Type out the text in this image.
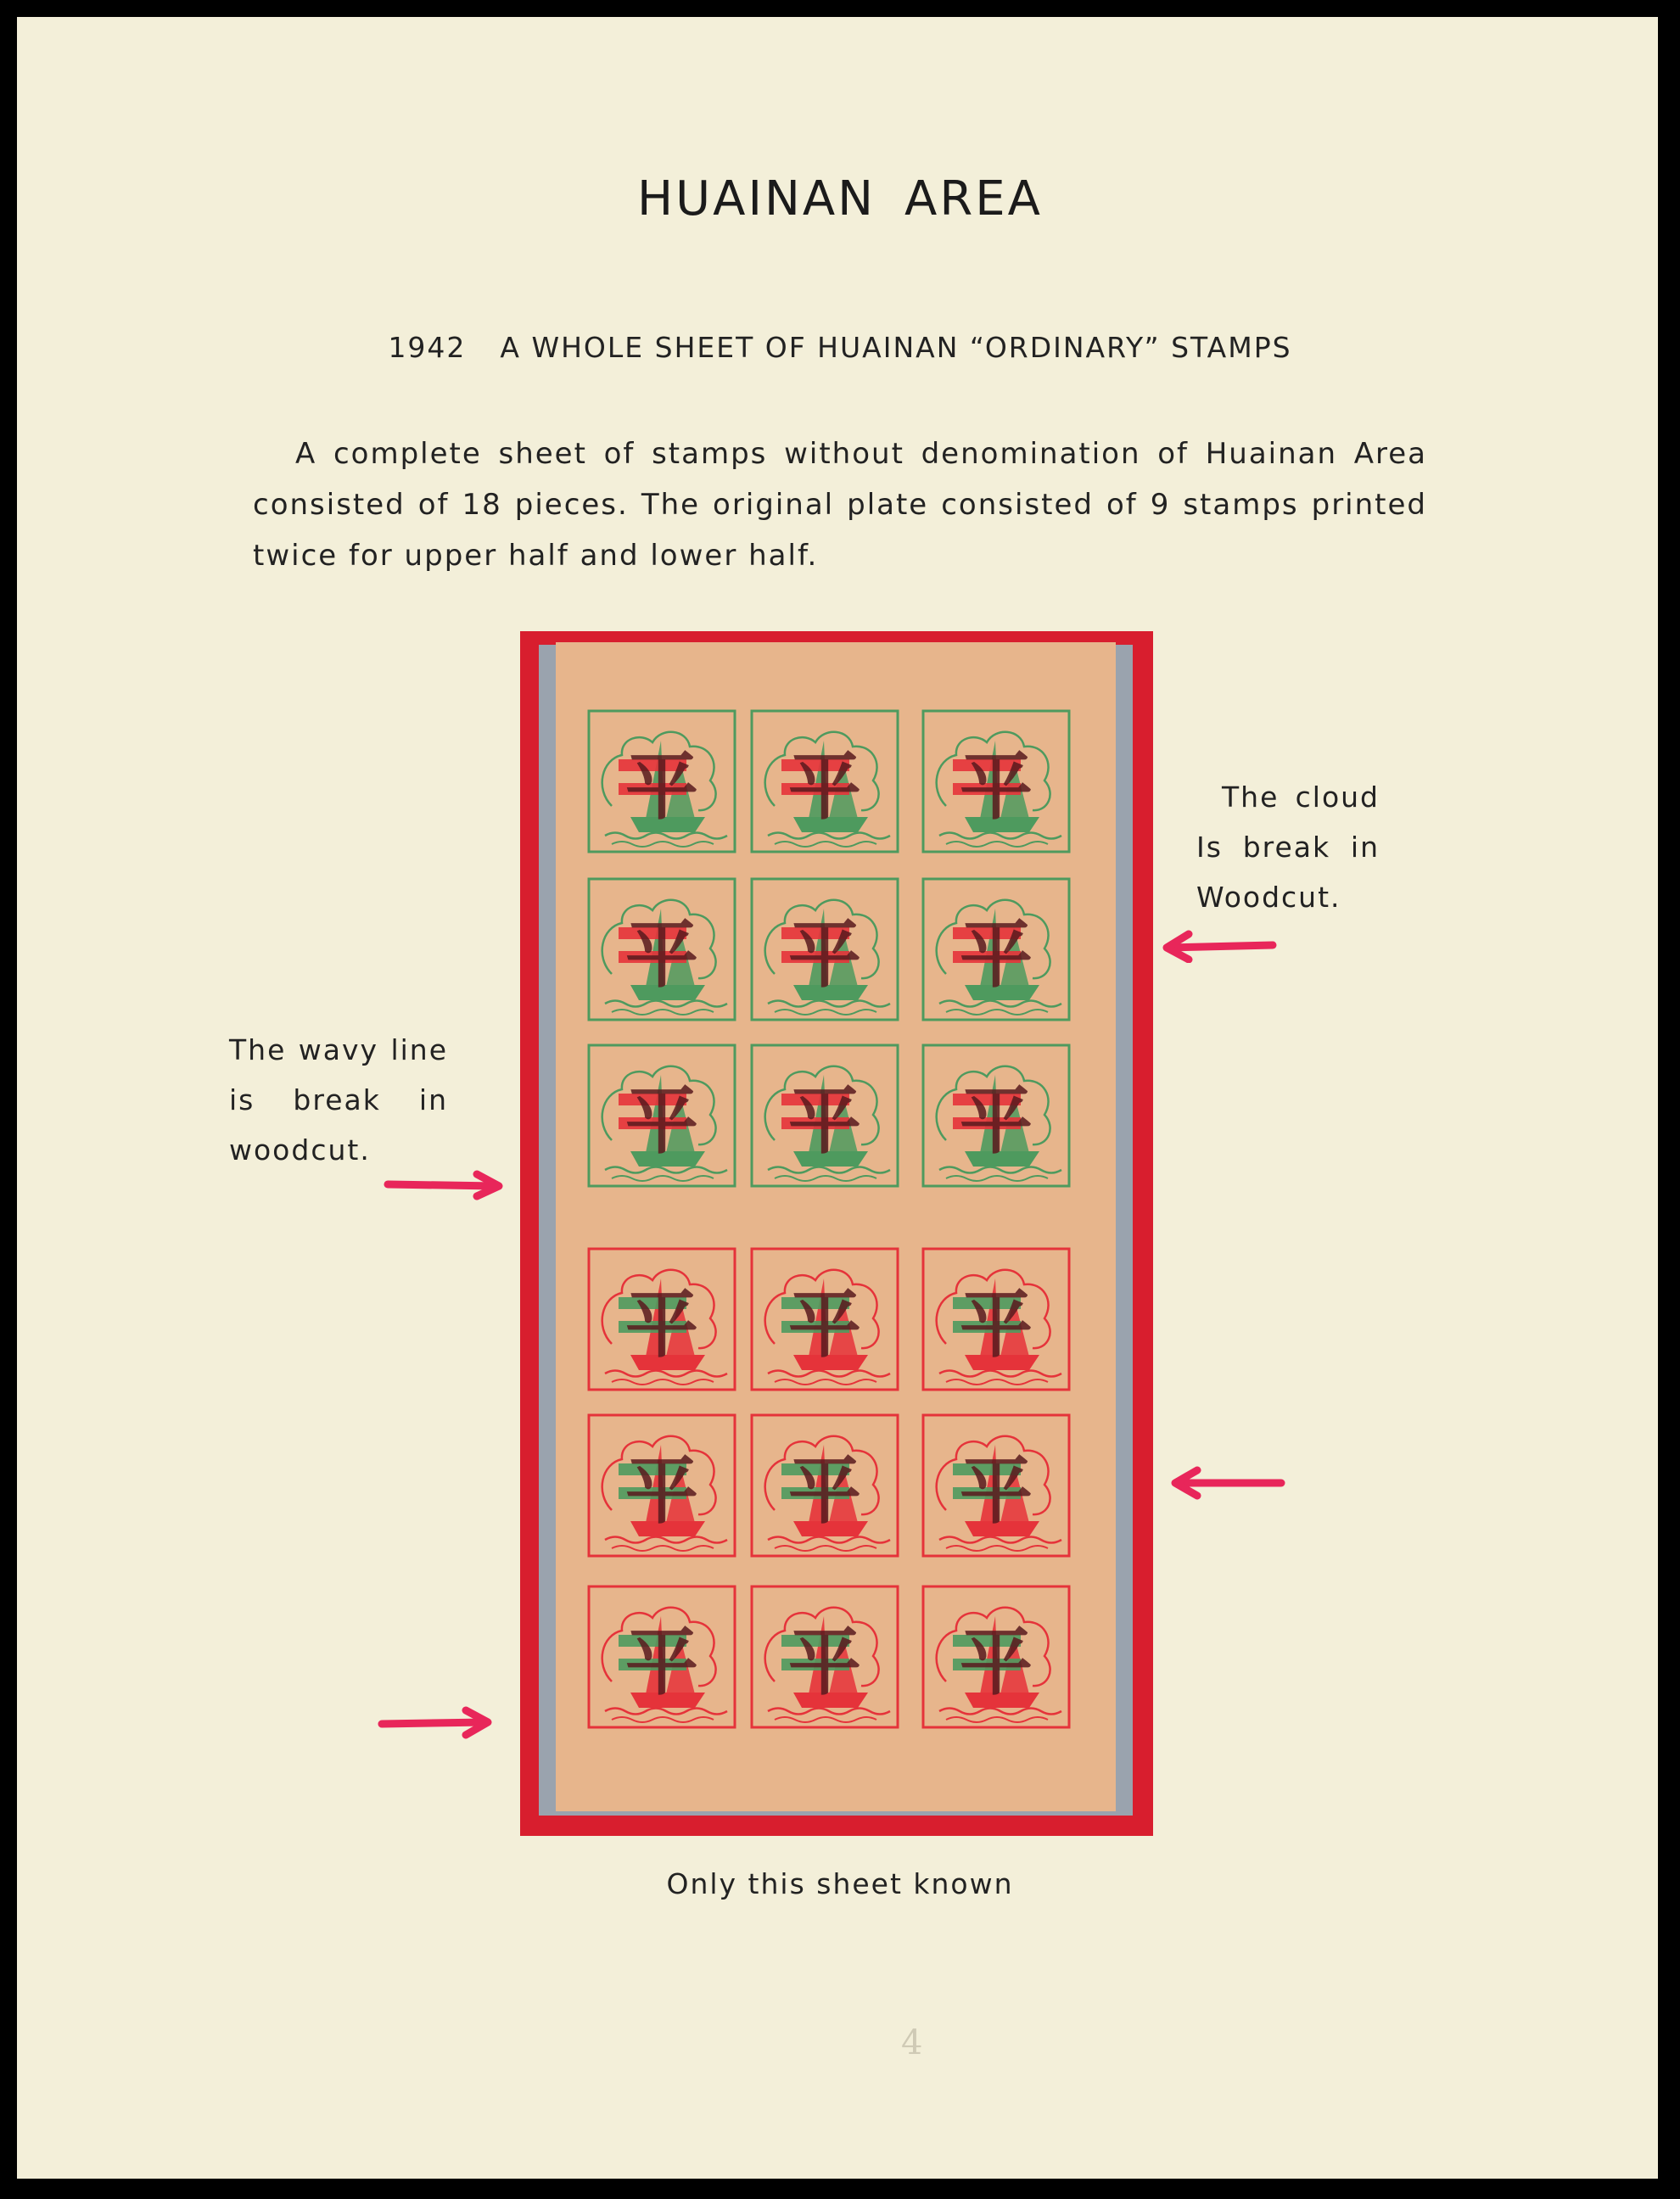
HUAINAN AREA
1942 A WHOLE SHEET OF HUAINAN “ORDINARY” STAMPS
A complete sheet of stamps without denomination of Huainan Area
consisted of 18 pieces. The original plate consisted of 9 stamps printed
twice for upper half and lower half.
The cloud
Is break in
Woodcut.
The wavy line
is break in
woodcut.
Only this sheet known
平 平 平
平 平 平
平 平 平
平 平 平
平 平 平
平 平 平
4
